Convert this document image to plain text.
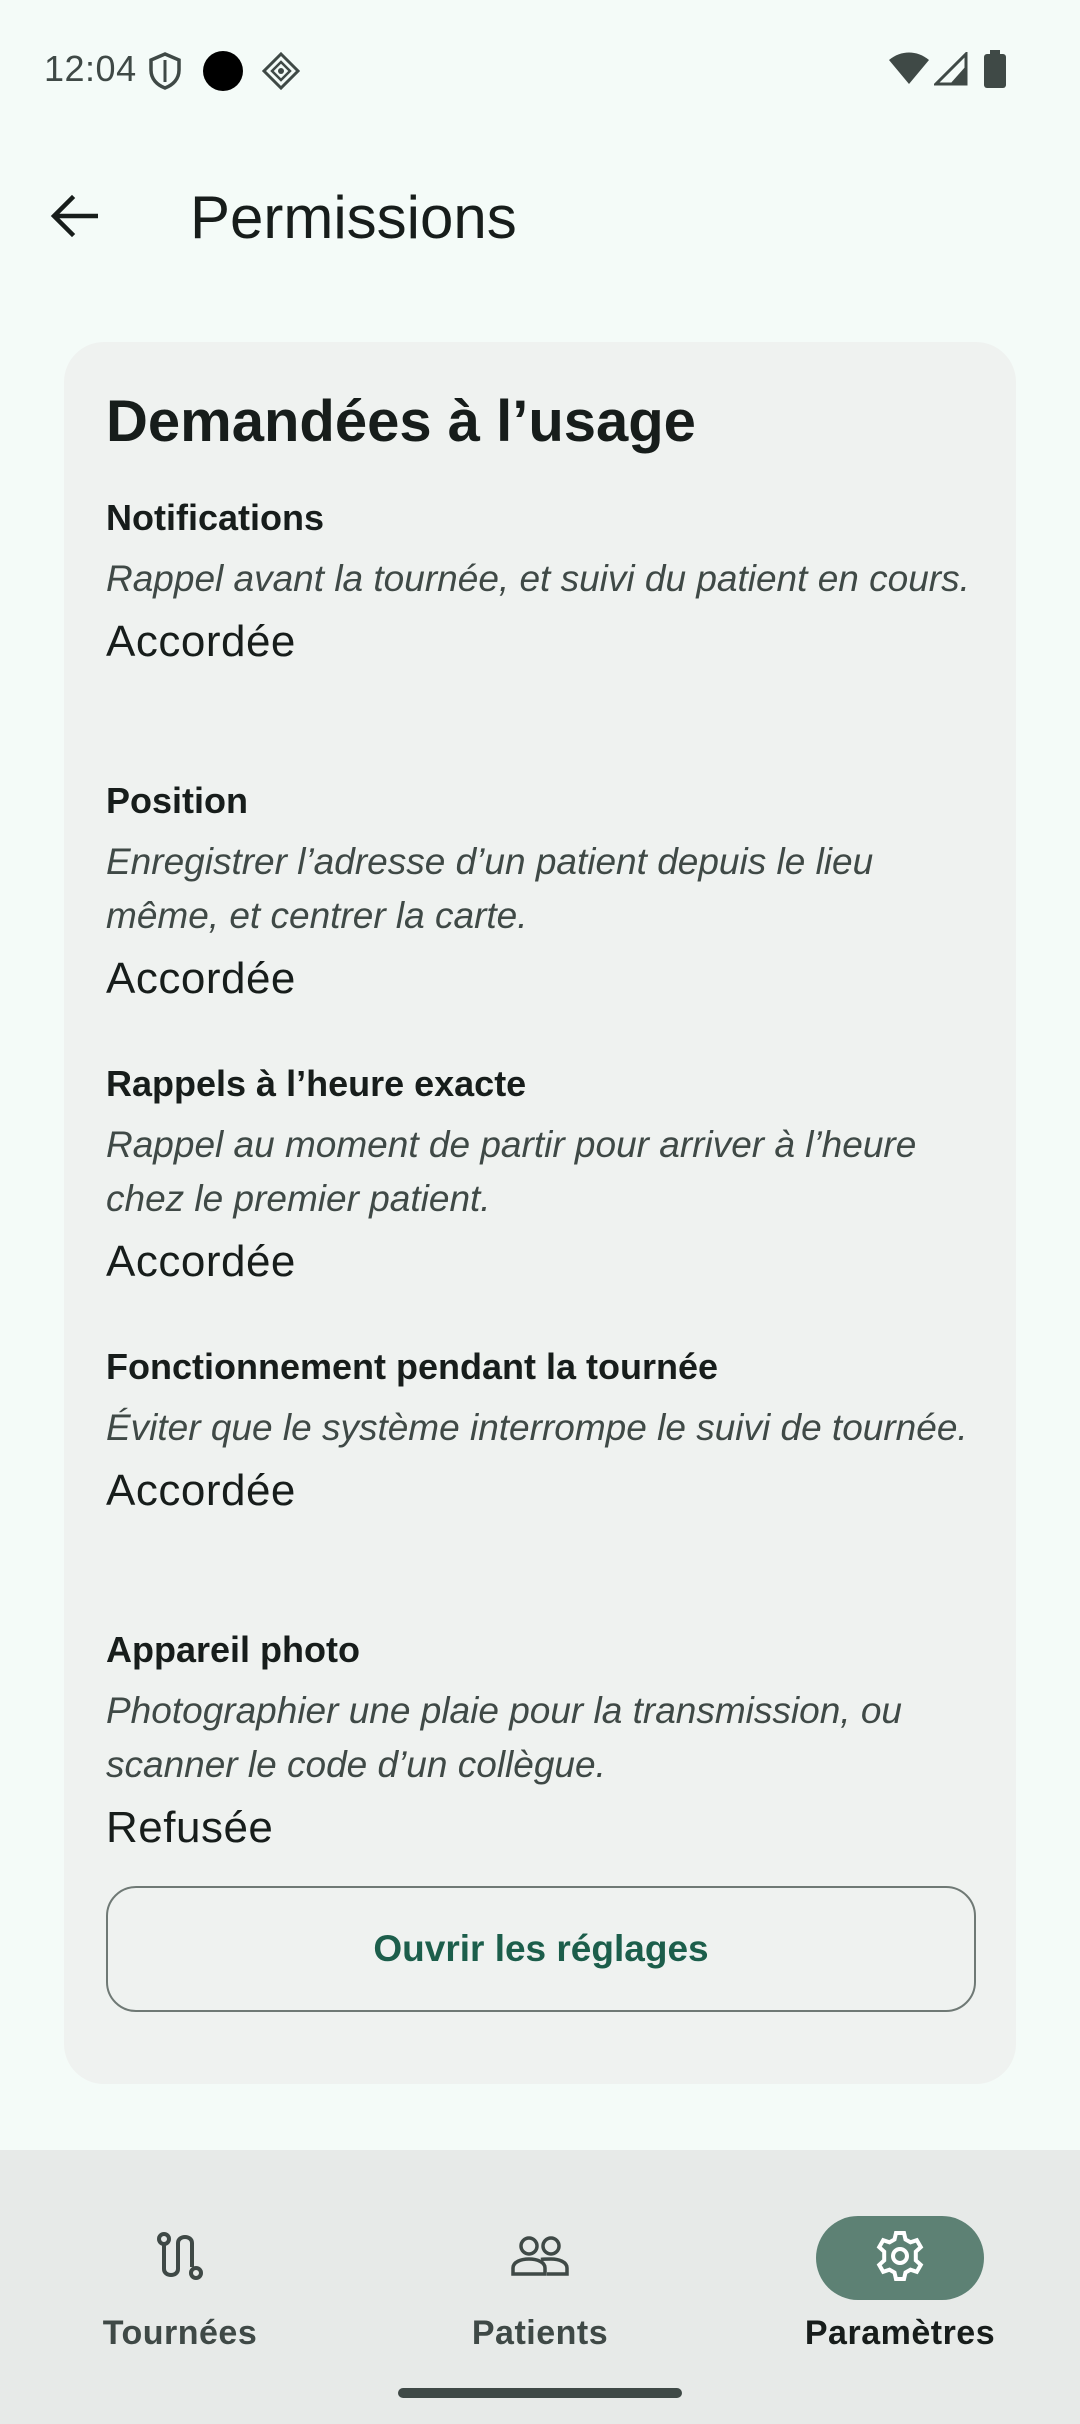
12:04
Permissions
Demandées à l’usage
Notifications
Rappel avant la tournée, et suivi du patient en cours.
Accordée
Position
Enregistrer l’adresse d’un patient depuis le lieu même, et centrer la carte.
Accordée
Rappels à l’heure exacte
Rappel au moment de partir pour arriver à l’heure chez le premier patient.
Accordée
Fonctionnement pendant la tournée
Éviter que le système interrompe le suivi de tournée.
Accordée
Appareil photo
Photographier une plaie pour la transmission, ou scanner le code d’un collègue.
Refusée
Ouvrir les réglages
Tournées	Patients	Paramètres
